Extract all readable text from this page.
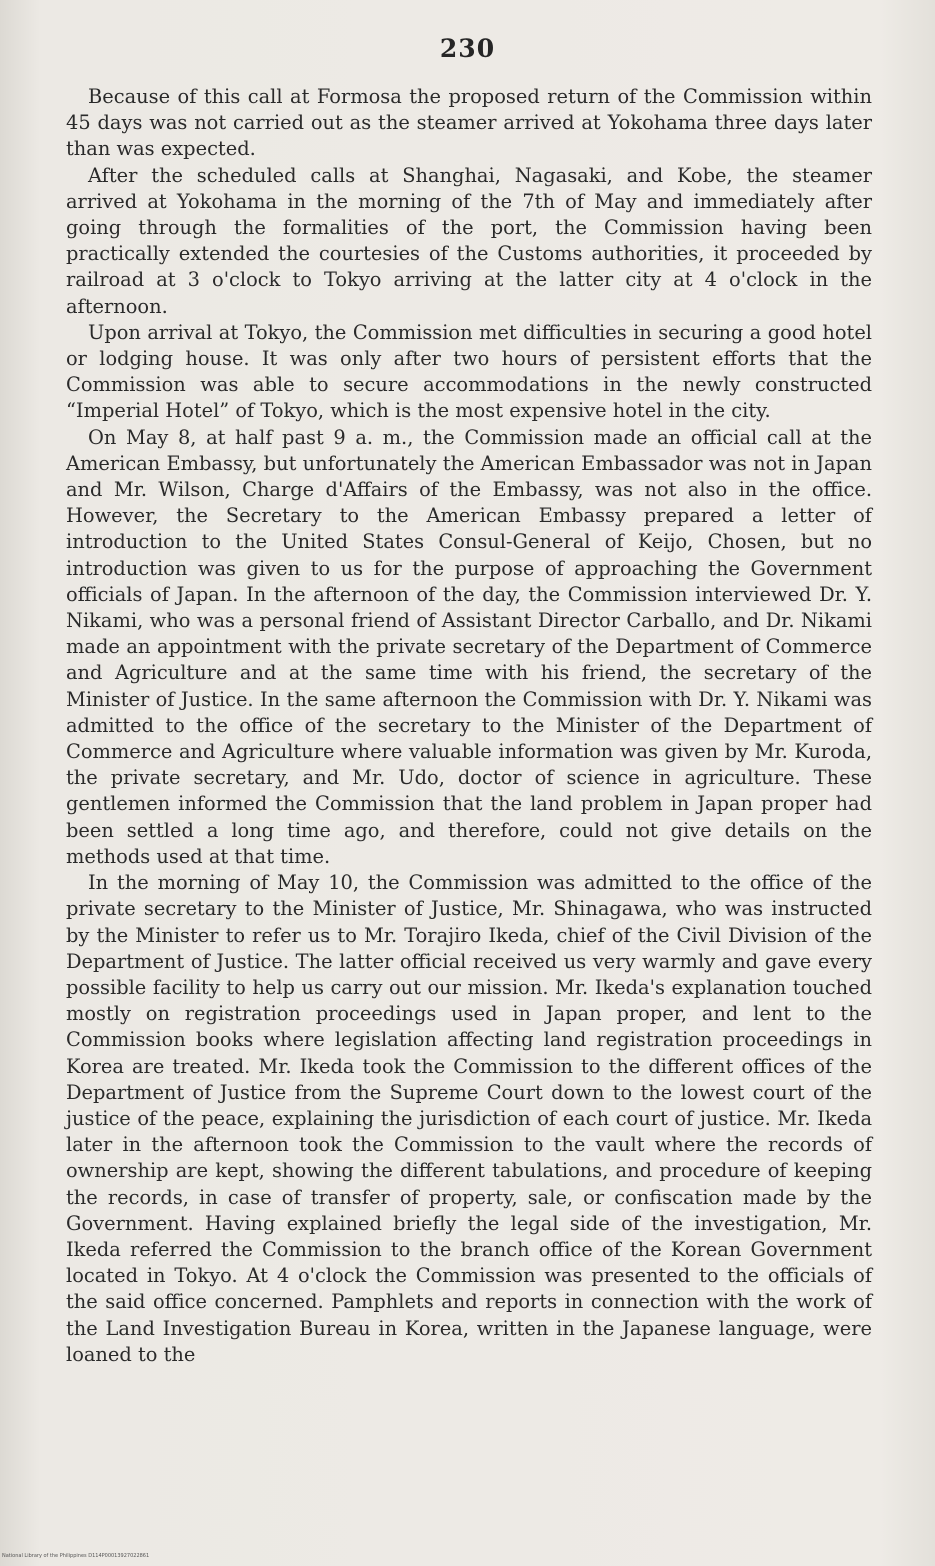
230

Because of this call at Formosa the proposed return of the Commission within 45 days was not carried out as the steamer arrived at Yokohama three days later than was expected.

After the scheduled calls at Shanghai, Nagasaki, and Kobe, the steamer arrived at Yokohama in the morning of the 7th of May and immediately after going through the formalities of the port, the Commission having been practically extended the courtesies of the Customs authorities, it proceeded by railroad at 3 o'clock to Tokyo arriving at the latter city at 4 o'clock in the afternoon.

Upon arrival at Tokyo, the Commission met difficulties in securing a good hotel or lodging house. It was only after two hours of persistent efforts that the Commission was able to secure accommodations in the newly constructed “Imperial Hotel” of Tokyo, which is the most expensive hotel in the city.

On May 8, at half past 9 a. m., the Commission made an official call at the American Embassy, but unfortunately the American Embassador was not in Japan and Mr. Wilson, Charge d'Affairs of the Embassy, was not also in the office. However, the Secretary to the American Embassy prepared a letter of introduction to the United States Consul-General of Keijo, Chosen, but no introduction was given to us for the purpose of approaching the Government officials of Japan. In the afternoon of the day, the Commission interviewed Dr. Y. Nikami, who was a personal friend of Assistant Director Carballo, and Dr. Nikami made an appointment with the private secretary of the Department of Commerce and Agriculture and at the same time with his friend, the secretary of the Minister of Justice. In the same afternoon the Commission with Dr. Y. Nikami was admitted to the office of the secretary to the Minister of the Department of Commerce and Agriculture where valuable information was given by Mr. Kuroda, the private secretary, and Mr. Udo, doctor of science in agriculture. These gentlemen informed the Commission that the land problem in Japan proper had been settled a long time ago, and therefore, could not give details on the methods used at that time.

In the morning of May 10, the Commission was admitted to the office of the private secretary to the Minister of Justice, Mr. Shinagawa, who was instructed by the Minister to refer us to Mr. Torajiro Ikeda, chief of the Civil Division of the Department of Justice. The latter official received us very warmly and gave every possible facility to help us carry out our mission. Mr. Ikeda's explanation touched mostly on registration proceedings used in Japan proper, and lent to the Commission books where legislation affecting land registration proceedings in Korea are treated. Mr. Ikeda took the Commission to the different offices of the Department of Justice from the Supreme Court down to the lowest court of the justice of the peace, explaining the jurisdiction of each court of justice. Mr. Ikeda later in the afternoon took the Commission to the vault where the records of ownership are kept, showing the different tabulations, and procedure of keeping the records, in case of transfer of property, sale, or confiscation made by the Government. Having explained briefly the legal side of the investigation, Mr. Ikeda referred the Commission to the branch office of the Korean Government located in Tokyo. At 4 o'clock the Commission was presented to the officials of the said office concerned. Pamphlets and reports in connection with the work of the Land Investigation Bureau in Korea, written in the Japanese language, were loaned to the

National Library of the Philippines D114P00013927022861
